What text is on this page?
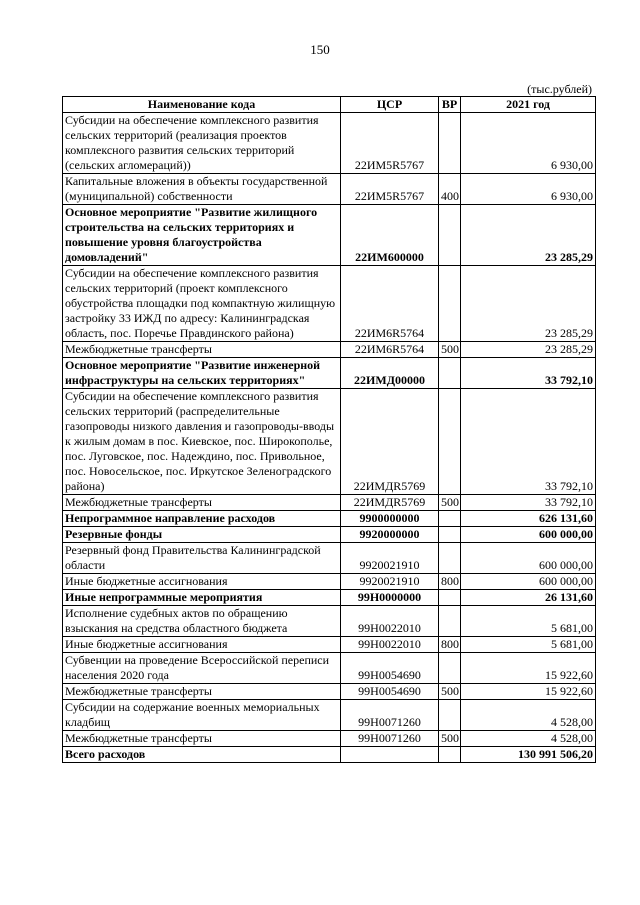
150
(тыс.рублей)
Наименование кода	ЦСР	ВР	2021 год
Субсидии на обеспечение комплексного развития сельских территорий (реализация проектов комплексного развития сельских территорий (сельских агломераций))	22ИМ5R5767		6 930,00
Капитальные вложения в объекты государственной (муниципальной) собственности	22ИМ5R5767	400	6 930,00
Основное мероприятие "Развитие жилищного строительства на сельских территориях и повышение уровня благоустройства домовладений"	22ИМ600000		23 285,29
Субсидии на обеспечение комплексного развития сельских территорий (проект комплексного обустройства площадки под компактную жилищную застройку 33 ИЖД по адресу: Калининградская область, пос. Поречье Правдинского района)	22ИМ6R5764		23 285,29
Межбюджетные трансферты	22ИМ6R5764	500	23 285,29
Основное мероприятие "Развитие инженерной инфраструктуры на сельских территориях"	22ИМД00000		33 792,10
Субсидии на обеспечение комплексного развития сельских территорий (распределительные газопроводы низкого давления и газопроводы-вводы к жилым домам в пос. Киевское, пос. Широкополье, пос. Луговское, пос. Надеждино, пос. Привольное, пос. Новосельское, пос. Иркутское Зеленоградского района)	22ИМДR5769		33 792,10
Межбюджетные трансферты	22ИМДR5769	500	33 792,10
Непрограммное направление расходов	9900000000		626 131,60
Резервные фонды	9920000000		600 000,00
Резервный фонд Правительства Калининградской области	9920021910		600 000,00
Иные бюджетные ассигнования	9920021910	800	600 000,00
Иные непрограммные мероприятия	99Н0000000		26 131,60
Исполнение судебных актов по обращению взыскания на средства областного бюджета	99Н0022010		5 681,00
Иные бюджетные ассигнования	99Н0022010	800	5 681,00
Субвенции на проведение Всероссийской переписи населения 2020 года	99Н0054690		15 922,60
Межбюджетные трансферты	99Н0054690	500	15 922,60
Субсидии на содержание военных мемориальных кладбищ	99Н0071260		4 528,00
Межбюджетные трансферты	99Н0071260	500	4 528,00
Всего расходов			130 991 506,20
